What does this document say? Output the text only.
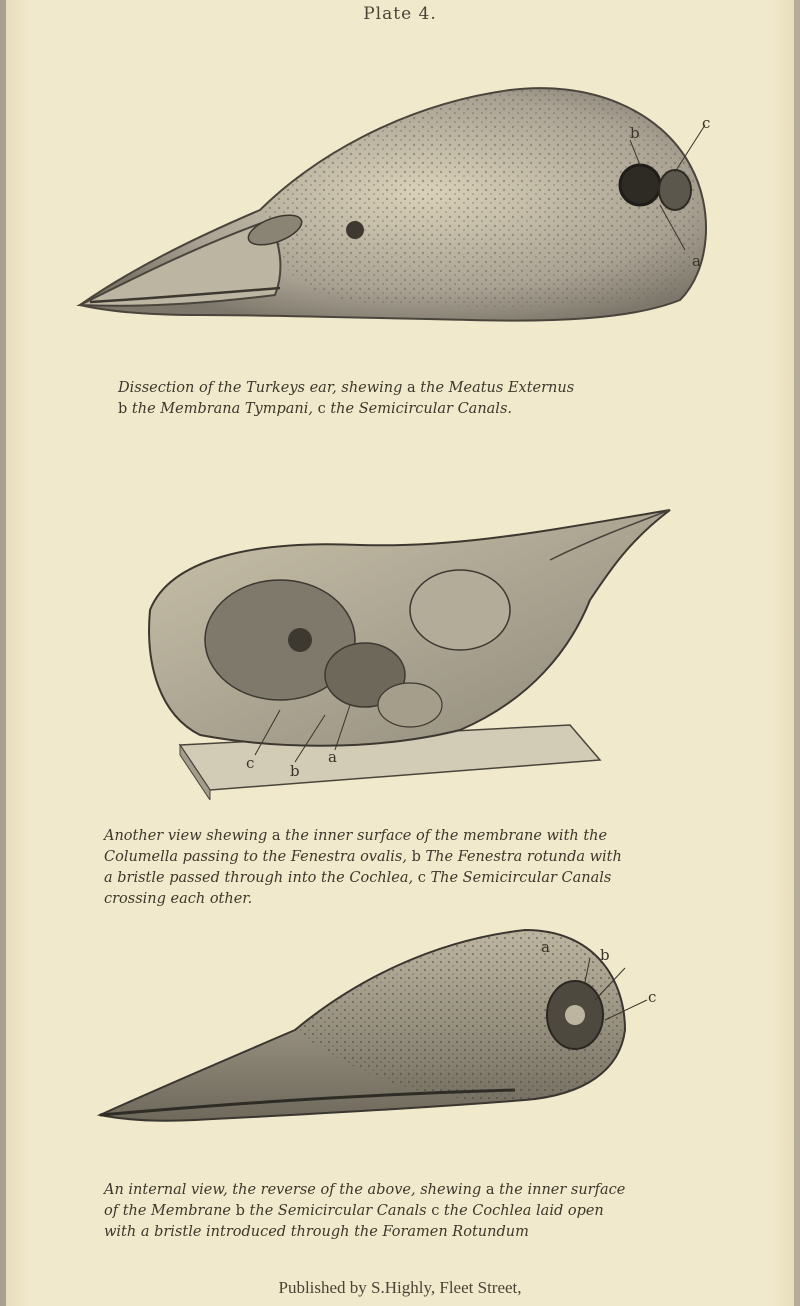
Plate 4.
b
c
a
Dissection of the Turkeys ear, shewing a the Meatus Externus
b the Membrana Tympani, c the Semicircular Canals.
c b
a
Another view shewing a the inner surface of the membrane with the
Columella passing to the Fenestra ovalis, b The Fenestra rotunda with
a bristle passed through into the Cochlea, c The Semicircular Canals
crossing each other.
a	b
c
An internal view, the reverse of the above, shewing a the inner surface
of the Membrane b the Semicircular Canals c the Cochlea laid open
with a bristle introduced through the Foramen Rotundum
Published by S.Highly, Fleet Street,
